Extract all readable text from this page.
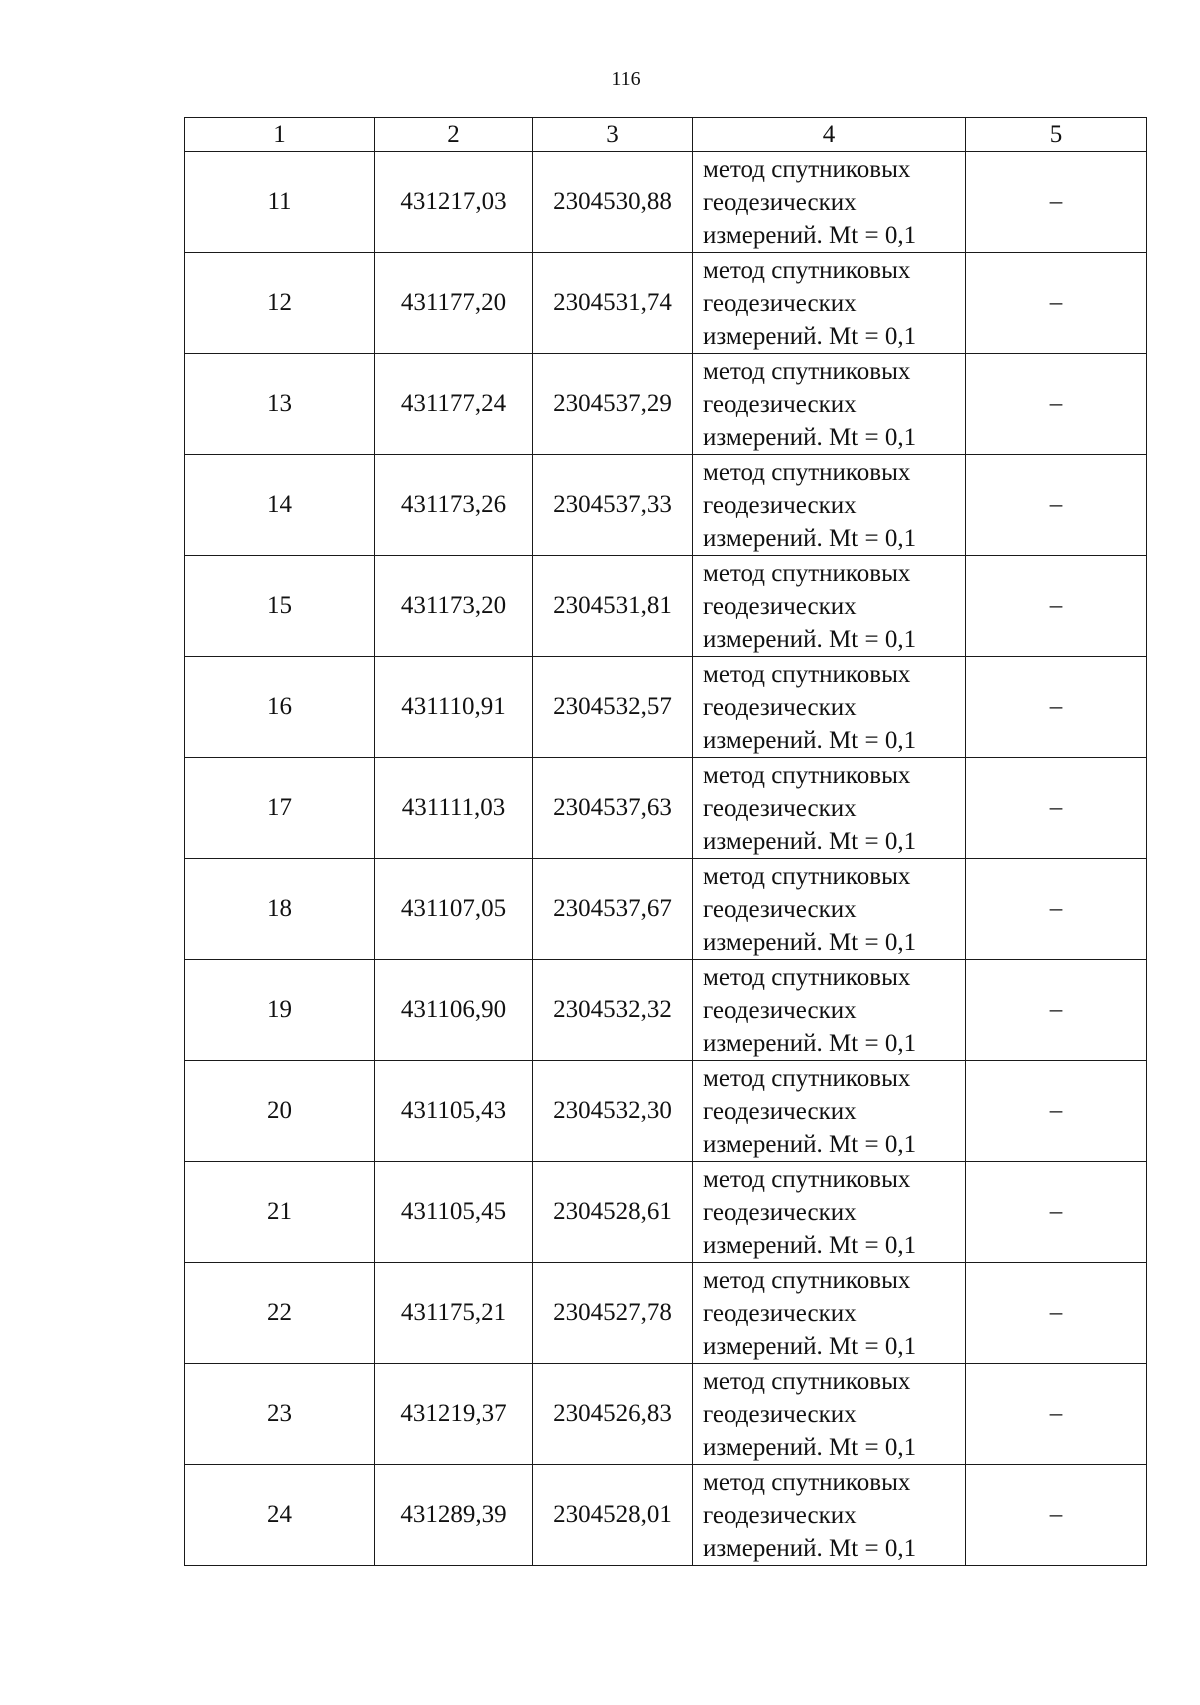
116
1	2	3	4	5
11	431217,03	2304530,88	метод спутниковых геодезических измерений. Mt = 0,1	–
12	431177,20	2304531,74	метод спутниковых геодезических измерений. Mt = 0,1	–
13	431177,24	2304537,29	метод спутниковых геодезических измерений. Mt = 0,1	–
14	431173,26	2304537,33	метод спутниковых геодезических измерений. Mt = 0,1	–
15	431173,20	2304531,81	метод спутниковых геодезических измерений. Mt = 0,1	–
16	431110,91	2304532,57	метод спутниковых геодезических измерений. Mt = 0,1	–
17	431111,03	2304537,63	метод спутниковых геодезических измерений. Mt = 0,1	–
18	431107,05	2304537,67	метод спутниковых геодезических измерений. Mt = 0,1	–
19	431106,90	2304532,32	метод спутниковых геодезических измерений. Mt = 0,1	–
20	431105,43	2304532,30	метод спутниковых геодезических измерений. Mt = 0,1	–
21	431105,45	2304528,61	метод спутниковых геодезических измерений. Mt = 0,1	–
22	431175,21	2304527,78	метод спутниковых геодезических измерений. Mt = 0,1	–
23	431219,37	2304526,83	метод спутниковых геодезических измерений. Mt = 0,1	–
24	431289,39	2304528,01	метод спутниковых геодезических измерений. Mt = 0,1	–
